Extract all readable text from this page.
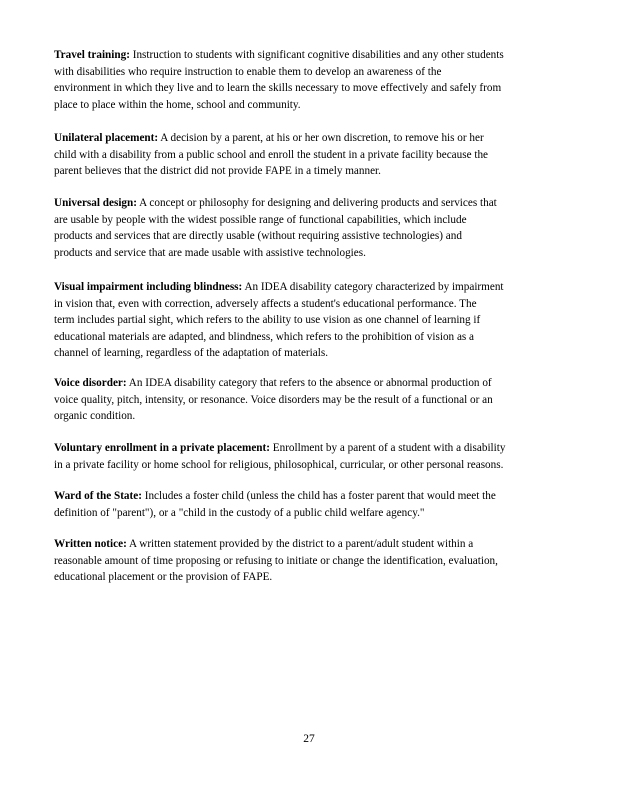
Travel training: Instruction to students with significant cognitive disabilities and any other students
with disabilities who require instruction to enable them to develop an awareness of the
environment in which they live and to learn the skills necessary to move effectively and safely from
place to place within the home, school and community.

Unilateral placement: A decision by a parent, at his or her own discretion, to remove his or her
child with a disability from a public school and enroll the student in a private facility because the
parent believes that the district did not provide FAPE in a timely manner.

Universal design: A concept or philosophy for designing and delivering products and services that
are usable by people with the widest possible range of functional capabilities, which include
products and services that are directly usable (without requiring assistive technologies) and
products and service that are made usable with assistive technologies.

Visual impairment including blindness: An IDEA disability category characterized by impairment
in vision that, even with correction, adversely affects a student's educational performance. The
term includes partial sight, which refers to the ability to use vision as one channel of learning if
educational materials are adapted, and blindness, which refers to the prohibition of vision as a
channel of learning, regardless of the adaptation of materials.

Voice disorder: An IDEA disability category that refers to the absence or abnormal production of
voice quality, pitch, intensity, or resonance. Voice disorders may be the result of a functional or an
organic condition.

Voluntary enrollment in a private placement: Enrollment by a parent of a student with a disability
in a private facility or home school for religious, philosophical, curricular, or other personal reasons.

Ward of the State: Includes a foster child (unless the child has a foster parent that would meet the
definition of "parent"), or a "child in the custody of a public child welfare agency."

Written notice: A written statement provided by the district to a parent/adult student within a
reasonable amount of time proposing or refusing to initiate or change the identification, evaluation,
educational placement or the provision of FAPE.

27
